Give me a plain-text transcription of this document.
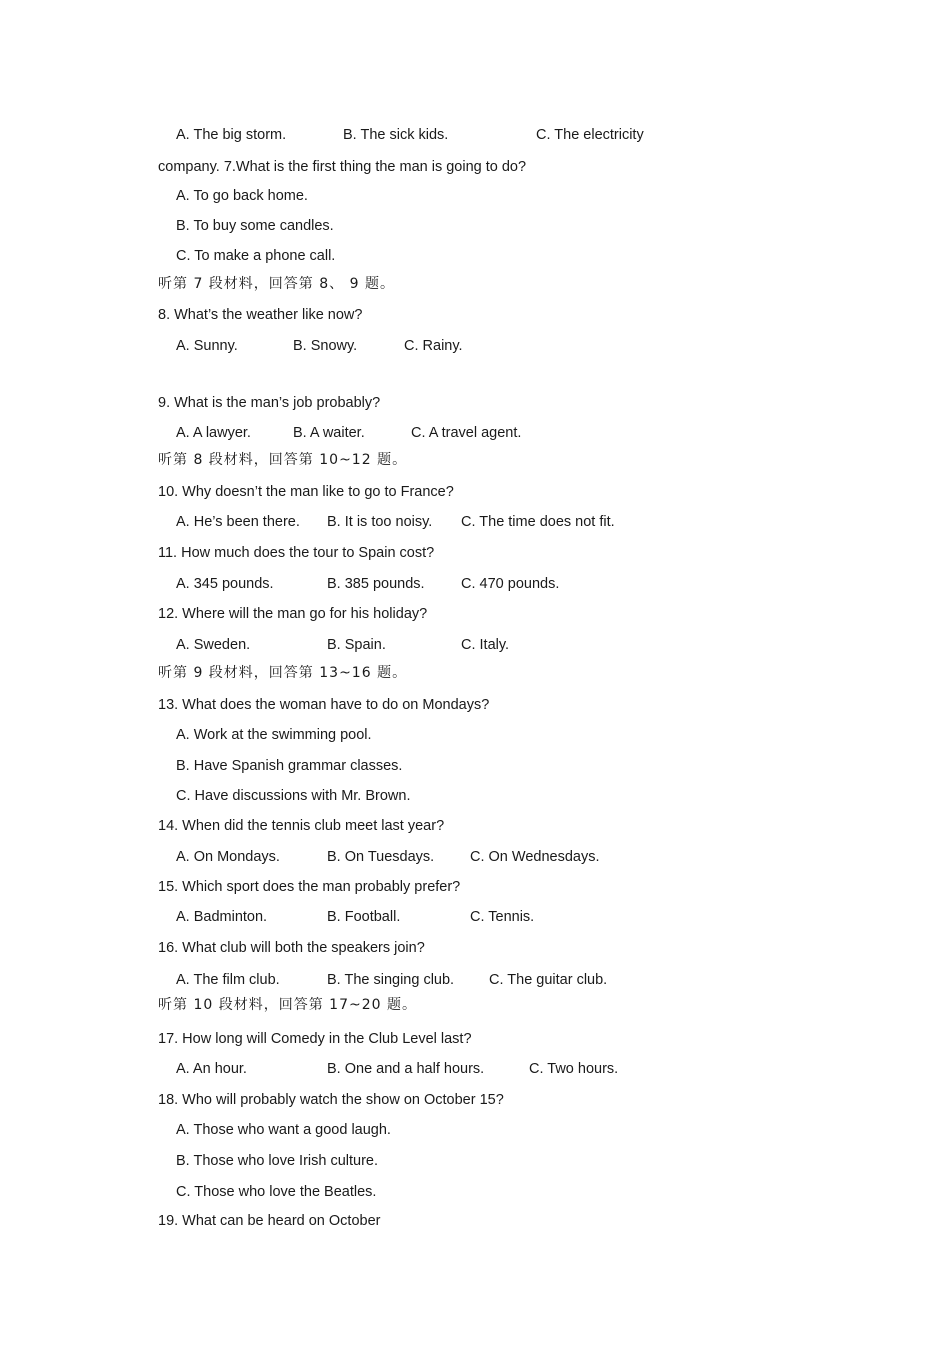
A. The big storm.	B. The sick kids.	C. The electricity
company. 7.What is the first thing the man is going to do?
A. To go back home.
B. To buy some candles.
C. To make a phone call.
听第 7 段材料，回答第 8、 9 题。
8. What’s the weather like now?
A. Sunny.	B. Snowy.	C. Rainy.
9. What is the man’s job probably?
A. A lawyer.	B. A waiter.	C. A travel agent.
听第 8 段材料，回答第 10~12 题。
10. Why doesn’t the man like to go to France?
A. He’s been there. B. It is too noisy. C. The time does not fit.
11. How much does the tour to Spain cost?
A. 345 pounds.	B. 385 pounds.	C. 470 pounds.
12. Where will the man go for his holiday?
A. Sweden.	B. Spain.	C. Italy.
听第 9 段材料，回答第 13~16 题。
13. What does the woman have to do on Mondays?
A. Work at the swimming pool.
B. Have Spanish grammar classes.
C. Have discussions with Mr. Brown.
14. When did the tennis club meet last year?
A. On Mondays.	B. On Tuesdays. C. On Wednesdays.
15. Which sport does the man probably prefer?
A. Badminton.	B. Football.	C. Tennis.
16. What club will both the speakers join?
A. The film club.	B. The singing club. C. The guitar club.
听第 10 段材料，回答第 17~20 题。
17. How long will Comedy in the Club Level last?
A. An hour.	B. One and a half hours.	C. Two hours.
18. Who will probably watch the show on October 15?
A. Those who want a good laugh.
B. Those who love Irish culture.
C. Those who love the Beatles.
19. What can be heard on October
